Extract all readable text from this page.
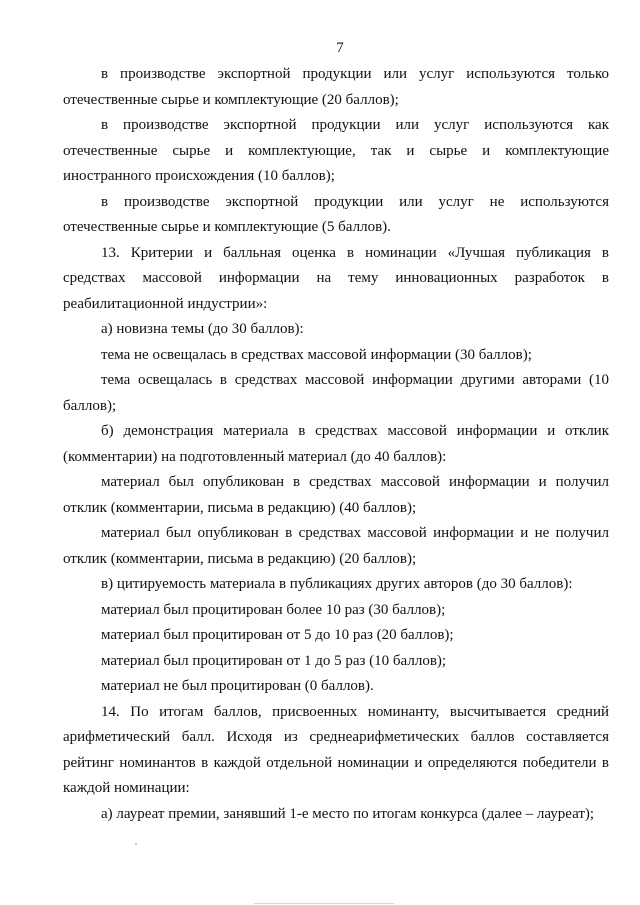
7

в производстве экспортной продукции или услуг используются только отечественные сырье и комплектующие (20 баллов);

в производстве экспортной продукции или услуг используются как отечественные сырье и комплектующие, так и сырье и комплектующие иностранного происхождения (10 баллов);

в производстве экспортной продукции или услуг не используются отечественные сырье и комплектующие (5 баллов).

13. Критерии и балльная оценка в номинации «Лучшая публикация в средствах массовой информации на тему инновационных разработок в реабилитационной индустрии»:

а) новизна темы (до 30 баллов):

тема не освещалась в средствах массовой информации (30 баллов);

тема освещалась в средствах массовой информации другими авторами (10 баллов);

б) демонстрация материала в средствах массовой информации и отклик (комментарии) на подготовленный материал (до 40 баллов):

материал был опубликован в средствах массовой информации и получил отклик (комментарии, письма в редакцию) (40 баллов);

материал был опубликован в средствах массовой информации и не получил отклик (комментарии, письма в редакцию) (20 баллов);

в) цитируемость материала в публикациях других авторов (до 30 баллов):

материал был процитирован более 10 раз (30 баллов);

материал был процитирован от 5 до 10 раз (20 баллов);

материал был процитирован от 1 до 5 раз (10 баллов);

материал не был процитирован (0 баллов).

14. По итогам баллов, присвоенных номинанту, высчитывается средний арифметический балл. Исходя из среднеарифметических баллов составляется рейтинг номинантов в каждой отдельной номинации и определяются победители в каждой номинации:

а) лауреат премии, занявший 1-е место по итогам конкурса (далее – лауреат);
